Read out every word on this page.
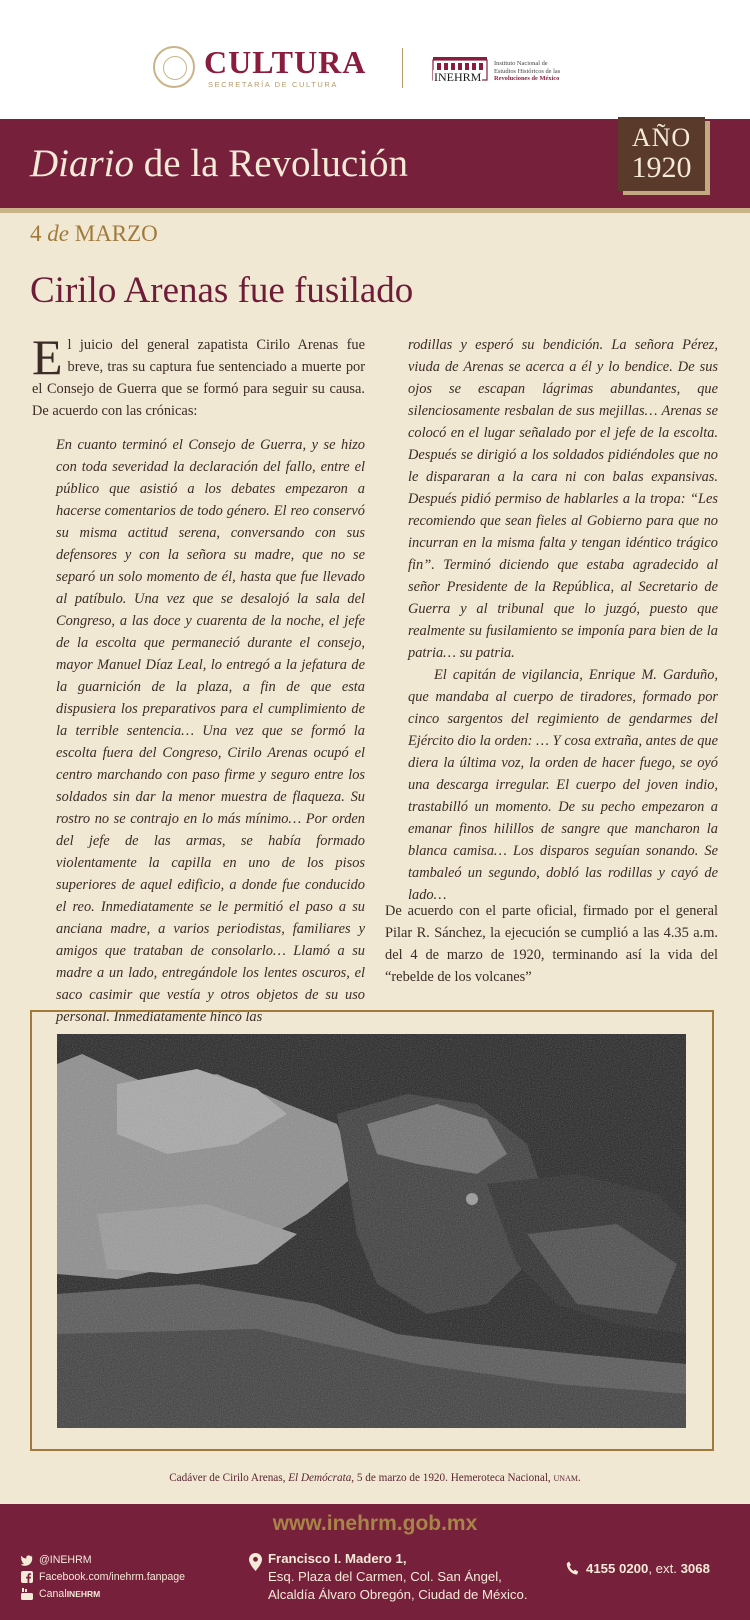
CULTURA
SECRETARÍA DE CULTURA
INEHRM
Instituto Nacional de
Estudios Históricos de las
Revoluciones de México
Diario de la Revolución
AÑO
1920
4 de MARZO
Cirilo Arenas fue fusilado

El juicio del general zapatista Cirilo Arenas fue breve, tras su captura fue sentenciado a muerte por el Consejo de Guerra que se formó para seguir su causa. De acuerdo con las crónicas:

En cuanto terminó el Consejo de Guerra, y se hizo con toda severidad la declaración del fallo, entre el público que asistió a los debates empezaron a hacerse comentarios de todo género. El reo conservó su misma actitud serena, conversando con sus defensores y con la señora su madre, que no se separó un solo momento de él, hasta que fue llevado al patíbulo. Una vez que se desalojó la sala del Congreso, a las doce y cuarenta de la noche, el jefe de la escolta que permaneció durante el consejo, mayor Manuel Díaz Leal, lo entregó a la jefatura de la guarnición de la plaza, a fin de que esta dispusiera los preparativos para el cumplimiento de la terrible sentencia… Una vez que se formó la escolta fuera del Congreso, Cirilo Arenas ocupó el centro marchando con paso firme y seguro entre los soldados sin dar la menor muestra de flaqueza. Su rostro no se contrajo en lo más mínimo… Por orden del jefe de las armas, se había formado violentamente la capilla en uno de los pisos superiores de aquel edificio, a donde fue conducido el reo. Inmediatamente se le permitió el paso a su anciana madre, a varios periodistas, familiares y amigos que trataban de consolarlo… Llamó a su madre a un lado, entregándole los lentes oscuros, el saco casimir que vestía y otros objetos de su uso personal. Inmediatamente hincó las

rodillas y esperó su bendición. La señora Pérez, viuda de Arenas se acerca a él y lo bendice. De sus ojos se escapan lágrimas abundantes, que silenciosamente resbalan de sus mejillas… Arenas se colocó en el lugar señalado por el jefe de la escolta. Después se dirigió a los soldados pidiéndoles que no le dispararan a la cara ni con balas expansivas. Después pidió permiso de hablarles a la tropa: “Les recomiendo que sean fieles al Gobierno para que no incurran en la misma falta y tengan idéntico trágico fin”. Terminó diciendo que estaba agradecido al señor Presidente de la República, al Secretario de Guerra y al tribunal que lo juzgó, puesto que realmente su fusilamiento se imponía para bien de la patria… su patria.

El capitán de vigilancia, Enrique M. Garduño, que mandaba al cuerpo de tiradores, formado por cinco sargentos del regimiento de gendarmes del Ejército dio la orden: … Y cosa extraña, antes de que diera la última voz, la orden de hacer fuego, se oyó una descarga irregular. El cuerpo del joven indio, trastabilló un momento. De su pecho empezaron a emanar finos hilillos de sangre que mancharon la blanca camisa… Los disparos seguían sonando. Se tambaleó un segundo, dobló las rodillas y cayó de lado…

De acuerdo con el parte oficial, firmado por el general Pilar R. Sánchez, la ejecución se cumplió a las 4.35 a.m. del 4 de marzo de 1920, terminando así la vida del “rebelde de los volcanes”

Cadáver de Cirilo Arenas, El Demócrata, 5 de marzo de 1920. Hemeroteca Nacional, unam.
www.inehrm.gob.mx
@INEHRM
Facebook.com/inehrm.fanpage
Canal INEHRM
Francisco I. Madero 1,
Esq. Plaza del Carmen, Col. San Ángel,
Alcaldía Álvaro Obregón, Ciudad de México.
4155 0200, ext. 3068
